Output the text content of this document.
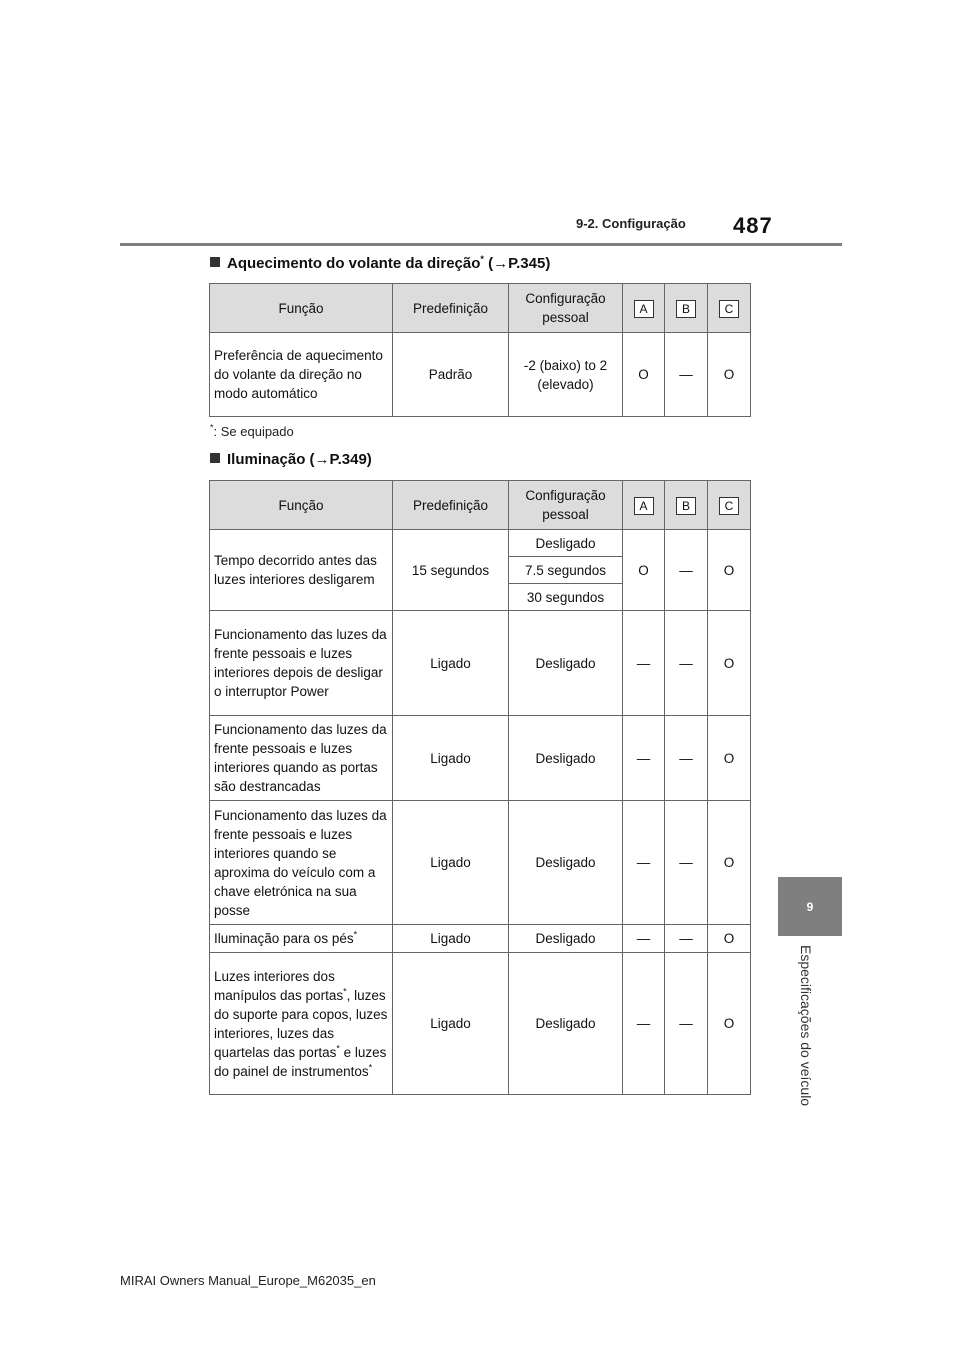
9-2. Configuração 487
9
Especificações do veículo
Aquecimento do volante da direção* (→P.345)
Função	Predefinição	Configuração pessoal	A	B	C
Preferência de aquecimento do volante da direção no modo automático	Padrão	-2 (baixo) to 2 (elevado)	O	—	O
*: Se equipado
Iluminação (→P.349)
Função	Predefinição	Configuração pessoal	A	B	C
Tempo decorrido antes das luzes interiores desligarem	15 segundos	Desligado	O	—	O
		7.5 segundos			
		30 segundos			
Funcionamento das luzes da frente pessoais e luzes interiores depois de desligar o interruptor Power	Ligado	Desligado	—	—	O
Funcionamento das luzes da frente pessoais e luzes interiores quando as portas são destrancadas	Ligado	Desligado	—	—	O
Funcionamento das luzes da frente pessoais e luzes interiores quando se aproxima do veículo com a chave eletrónica na sua posse	Ligado	Desligado	—	—	O
Iluminação para os pés*	Ligado	Desligado	—	—	O
Luzes interiores dos manípulos das portas*, luzes do suporte para copos, luzes interiores, luzes das quartelas das portas* e luzes do painel de instrumentos*	Ligado	Desligado	—	—	O
MIRAI Owners Manual_Europe_M62035_en
